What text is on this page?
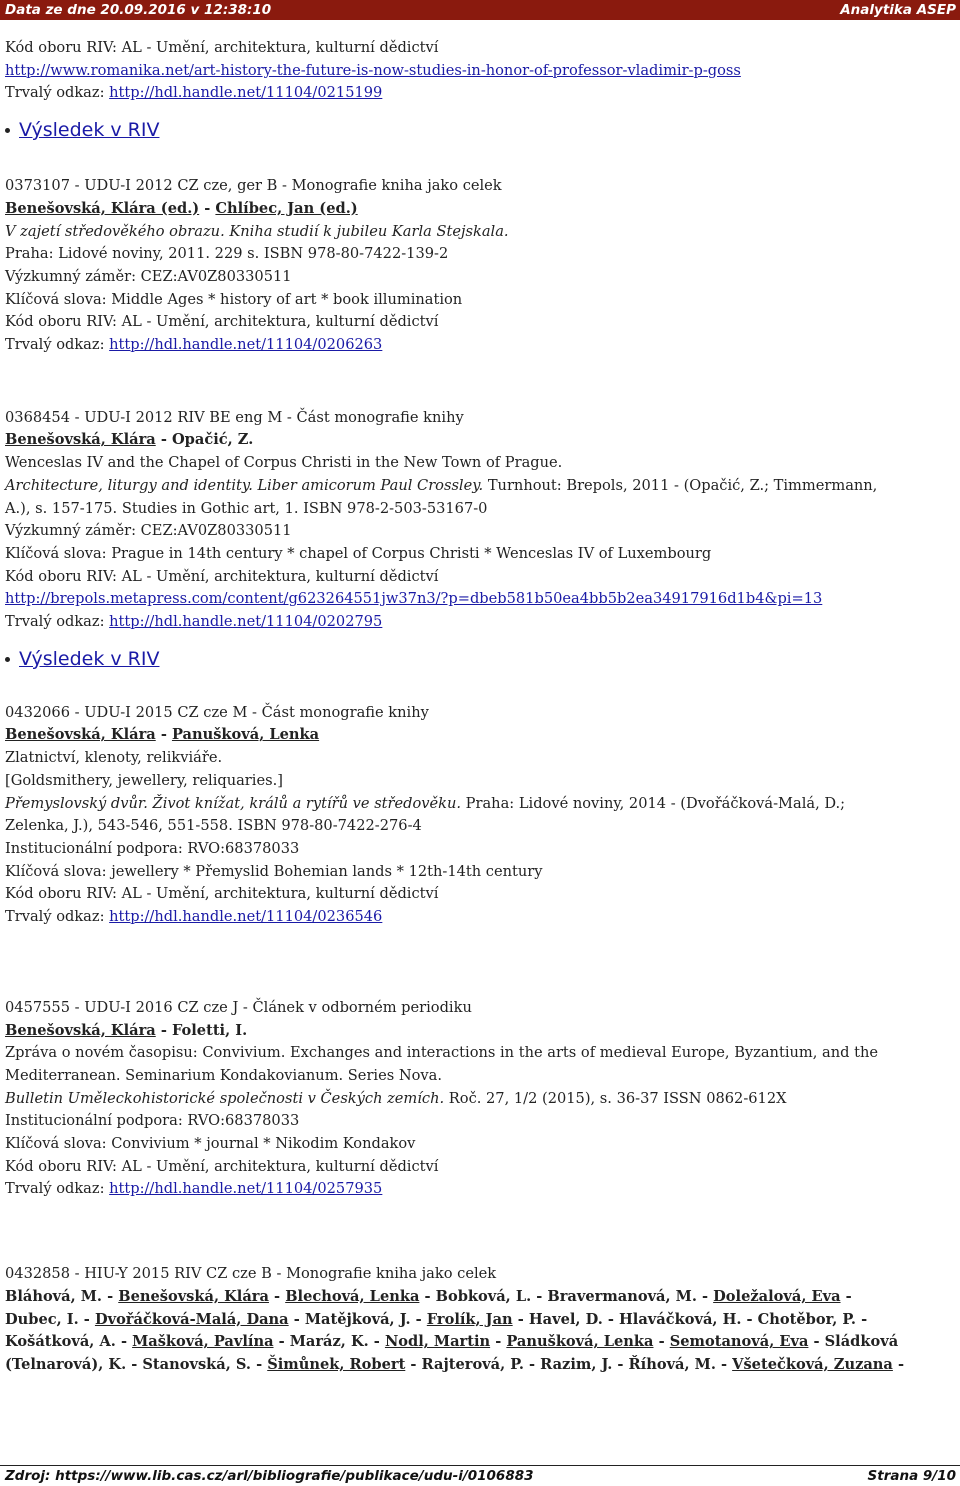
Data ze dne 20.09.2016 v 12:38:10	Analytika ASEP
Kód oboru RIV: AL - Umění, architektura, kulturní dědictví
http://www.romanika.net/art-history-the-future-is-now-studies-in-honor-of-professor-vladimir-p-goss
Trvalý odkaz: http://hdl.handle.net/11104/0215199
Výsledek v RIV
0373107 - UDU-I 2012 CZ cze, ger B - Monografie kniha jako celek
Benešovská, Klára (ed.) - Chlíbec, Jan (ed.)
V zajetí středověkého obrazu. Kniha studií k jubileu Karla Stejskala.
Praha: Lidové noviny, 2011. 229 s. ISBN 978-80-7422-139-2
Výzkumný záměr: CEZ:AV0Z80330511
Klíčová slova: Middle Ages * history of art * book illumination
Kód oboru RIV: AL - Umění, architektura, kulturní dědictví
Trvalý odkaz: http://hdl.handle.net/11104/0206263
0368454 - UDU-I 2012 RIV BE eng M - Část monografie knihy
Benešovská, Klára - Opačić, Z.
Wenceslas IV and the Chapel of Corpus Christi in the New Town of Prague.
Architecture, liturgy and identity. Liber amicorum Paul Crossley. Turnhout: Brepols, 2011 - (Opačić, Z.; Timmermann,
A.), s. 157-175. Studies in Gothic art, 1. ISBN 978-2-503-53167-0
Výzkumný záměr: CEZ:AV0Z80330511
Klíčová slova: Prague in 14th century * chapel of Corpus Christi * Wenceslas IV of Luxembourg
Kód oboru RIV: AL - Umění, architektura, kulturní dědictví
http://brepols.metapress.com/content/g623264551jw37n3/?p=dbeb581b50ea4bb5b2ea34917916d1b4&pi=13
Trvalý odkaz: http://hdl.handle.net/11104/0202795
Výsledek v RIV
0432066 - UDU-I 2015 CZ cze M - Část monografie knihy
Benešovská, Klára - Panušková, Lenka
Zlatnictví, klenoty, relikviáře.
[Goldsmithery, jewellery, reliquaries.]
Přemyslovský dvůr. Život knížat, králů a rytířů ve středověku. Praha: Lidové noviny, 2014 - (Dvořáčková-Malá, D.;
Zelenka, J.), 543-546, 551-558. ISBN 978-80-7422-276-4
Institucionální podpora: RVO:68378033
Klíčová slova: jewellery * Přemyslid Bohemian lands * 12th-14th century
Kód oboru RIV: AL - Umění, architektura, kulturní dědictví
Trvalý odkaz: http://hdl.handle.net/11104/0236546
0457555 - UDU-I 2016 CZ cze J - Článek v odborném periodiku
Benešovská, Klára - Foletti, I.
Zpráva o novém časopisu: Convivium. Exchanges and interactions in the arts of medieval Europe, Byzantium, and the
Mediterranean. Seminarium Kondakovianum. Series Nova.
Bulletin Uměleckohistorické společnosti v Českých zemích. Roč. 27, 1/2 (2015), s. 36-37 ISSN 0862-612X
Institucionální podpora: RVO:68378033
Klíčová slova: Convivium * journal * Nikodim Kondakov
Kód oboru RIV: AL - Umění, architektura, kulturní dědictví
Trvalý odkaz: http://hdl.handle.net/11104/0257935
0432858 - HIU-Y 2015 RIV CZ cze B - Monografie kniha jako celek
Bláhová, M. - Benešovská, Klára - Blechová, Lenka - Bobková, L. - Bravermanová, M. - Doležalová, Eva -
Dubec, I. - Dvořáčková-Malá, Dana - Matějková, J. - Frolík, Jan - Havel, D. - Hlaváčková, H. - Chotěbor, P. -
Košátková, A. - Mašková, Pavlína - Maráz, K. - Nodl, Martin - Panušková, Lenka - Semotanová, Eva - Sládková
(Telnarová), K. - Stanovská, S. - Šimůnek, Robert - Rajterová, P. - Razim, J. - Říhová, M. - Všetečková, Zuzana -
Zdroj: https://www.lib.cas.cz/arl/bibliografie/publikace/udu-i/0106883	Strana 9/10
